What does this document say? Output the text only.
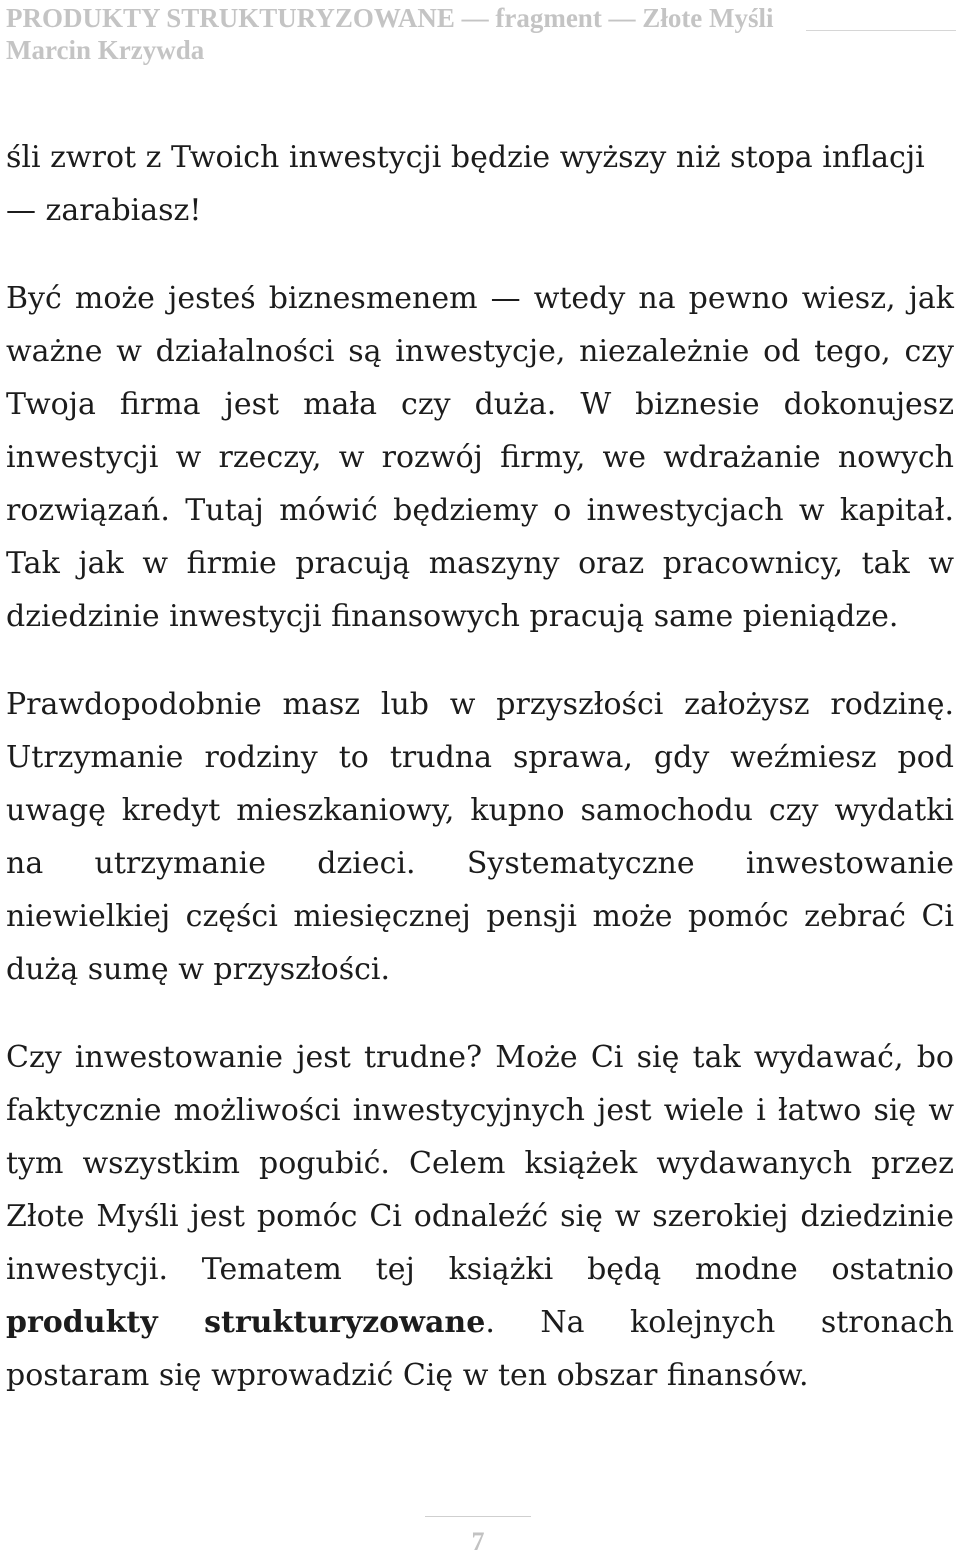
PRODUKTY STRUKTURYZOWANE — fragment — Złote Myśli
Marcin Krzywda

śli zwrot z Twoich inwestycji będzie wyższy niż stopa inflacji — zarabiasz!

Być może jesteś biznesmenem — wtedy na pewno wiesz, jak ważne w działalności są inwestycje, niezależnie od tego, czy Twoja firma jest mała czy duża. W biznesie dokonujesz inwestycji w rzeczy, w rozwój firmy, we wdrażanie nowych rozwiązań. Tutaj mówić będziemy o inwestycjach w kapitał. Tak jak w firmie pracują maszyny oraz pracownicy, tak w dziedzinie inwestycji finansowych pracują same pieniądze.

Prawdopodobnie masz lub w przyszłości założysz rodzinę. Utrzymanie rodziny to trudna sprawa, gdy weźmiesz pod uwagę kredyt mieszkaniowy, kupno samochodu czy wydatki na utrzymanie dzieci. Systematyczne inwestowanie niewielkiej części miesięcznej pensji może pomóc zebrać Ci dużą sumę w przyszłości.

Czy inwestowanie jest trudne? Może Ci się tak wydawać, bo faktycznie możliwości inwestycyjnych jest wiele i łatwo się w tym wszystkim pogubić. Celem książek wydawanych przez Złote Myśli jest pomóc Ci odnaleźć się w szerokiej dziedzinie inwestycji. Tematem tej książki będą modne ostatnio produkty strukturyzowane. Na kolejnych stronach postaram się wprowadzić Cię w ten obszar finansów.

7
